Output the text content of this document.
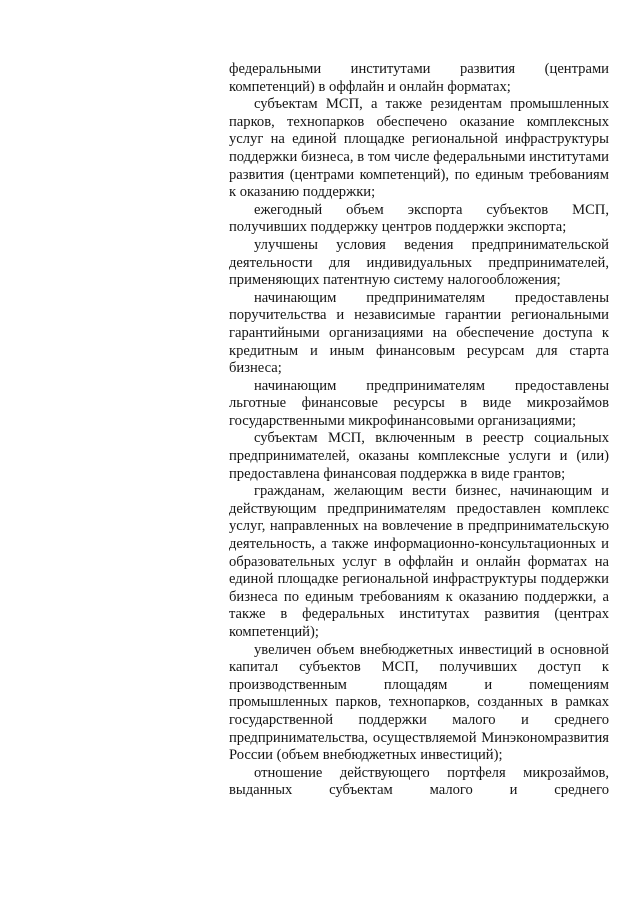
федеральными институтами развития (центрами компетенций) в оффлайн и онлайн форматах;

субъектам МСП, а также резидентам промышленных парков, технопарков обеспечено оказание комплексных услуг на единой площадке региональной инфраструктуры поддержки бизнеса, в том числе федеральными институтами развития (центрами компетенций), по единым требованиям к оказанию поддержки;

ежегодный объем экспорта субъектов МСП, получивших поддержку центров поддержки экспорта;

улучшены условия ведения предпринимательской деятельности для индивидуальных предпринимателей, применяющих патентную систему налогообложения;

начинающим предпринимателям предоставлены поручительства и независимые гарантии региональными гарантийными организациями на обеспечение доступа к кредитным и иным финансовым ресурсам для старта бизнеса;

начинающим предпринимателям предоставлены льготные финансовые ресурсы в виде микрозаймов государственными микрофинансовыми организациями;

субъектам МСП, включенным в реестр социальных предпринимателей, оказаны комплексные услуги и (или) предоставлена финансовая поддержка в виде грантов;

гражданам, желающим вести бизнес, начинающим и действующим предпринимателям предоставлен комплекс услуг, направленных на вовлечение в предпринимательскую деятельность, а также информационно-консультационных и образовательных услуг в оффлайн и онлайн форматах на единой площадке региональной инфраструктуры поддержки бизнеса по единым требованиям к оказанию поддержки, а также в федеральных институтах развития (центрах компетенций);

увеличен объем внебюджетных инвестиций в основной капитал субъектов МСП, получивших доступ к производственным площадям и помещениям промышленных парков, технопарков, созданных в рамках государственной поддержки малого и среднего предпринимательства, осуществляемой Минэкономразвития России (объем внебюджетных инвестиций);

отношение действующего портфеля микрозаймов, выданных субъектам малого и среднего
